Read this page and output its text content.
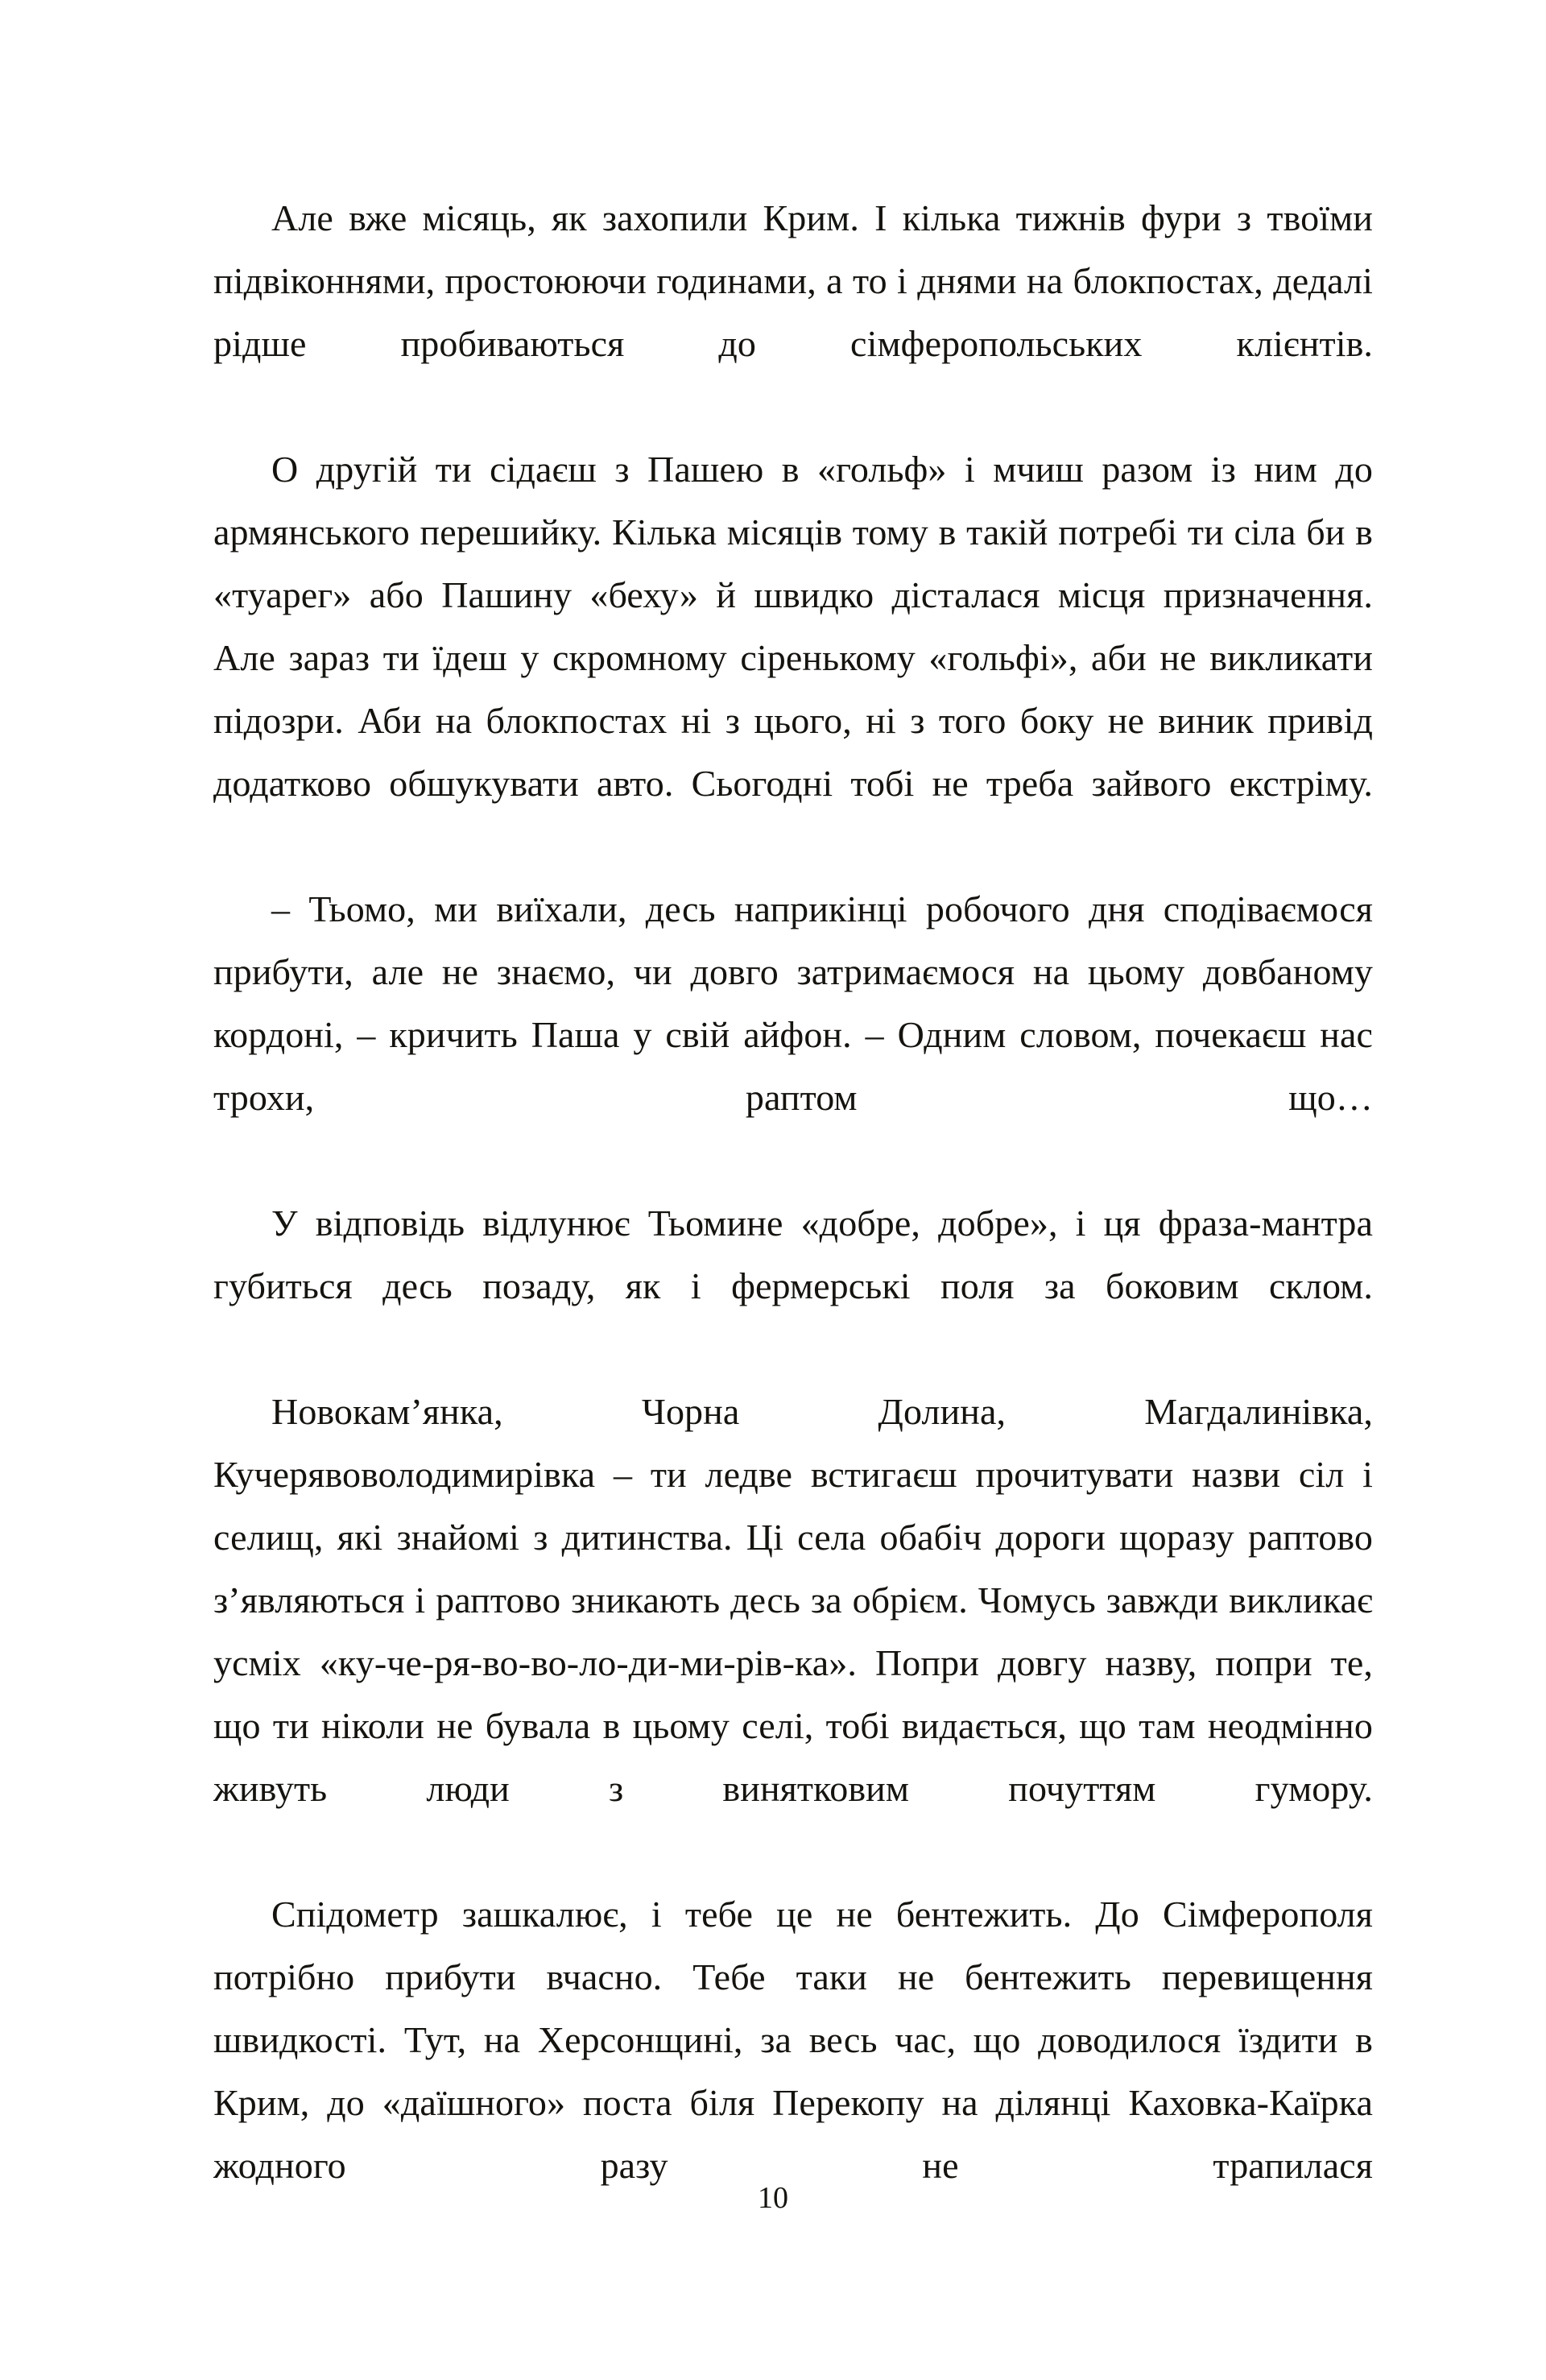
Але вже місяць, як захопили Крим. І кілька тижнів фури з твоїми підвіконнями, простоюючи годинами, а то і днями на блокпостах, дедалі рідше пробиваються до сімферопольських клієнтів.

О другій ти сідаєш з Пашею в «гольф» і мчиш разом із ним до армянського перешийку. Кілька місяців тому в такій потребі ти сіла би в «туарег» або Пашину «беху» й швидко дісталася місця призначення. Але зараз ти їдеш у скромному сіренькому «гольфі», аби не викликати підозри. Аби на блокпостах ні з цього, ні з того боку не виник привід додатково обшукувати авто. Сьогодні тобі не треба зайвого екстріму.

– Тьомо, ми виїхали, десь наприкінці робочого дня сподіваємося прибути, але не знаємо, чи довго затримаємося на цьому довбаному кордоні, – кричить Паша у свій айфон. – Одним словом, почекаєш нас трохи, раптом що…

У відповідь відлунює Тьомине «добре, добре», і ця фраза-мантра губиться десь позаду, як і фермерські поля за боковим склом.

Новокам’янка, Чорна Долина, Магдалинівка, Кучерявоволодимирівка – ти ледве встигаєш прочитувати назви сіл і селищ, які знайомі з дитинства. Ці села обабіч дороги щоразу раптово з’являються і раптово зникають десь за обрієм. Чомусь завжди викликає усміх «ку-че-ря-во-во-ло-ди-ми-рів-ка». Попри довгу назву, попри те, що ти ніколи не бувала в цьому селі, тобі видається, що там неодмінно живуть люди з винятковим почуттям гумору.

Спідометр зашкалює, і тебе це не бентежить. До Сімферополя потрібно прибути вчасно. Тебе таки не бентежить перевищення швидкості. Тут, на Херсонщині, за весь час, що доводилося їздити в Крим, до «даїшного» поста біля Перекопу на ділянці Каховка-Каїрка жодного разу не трапилася

10
